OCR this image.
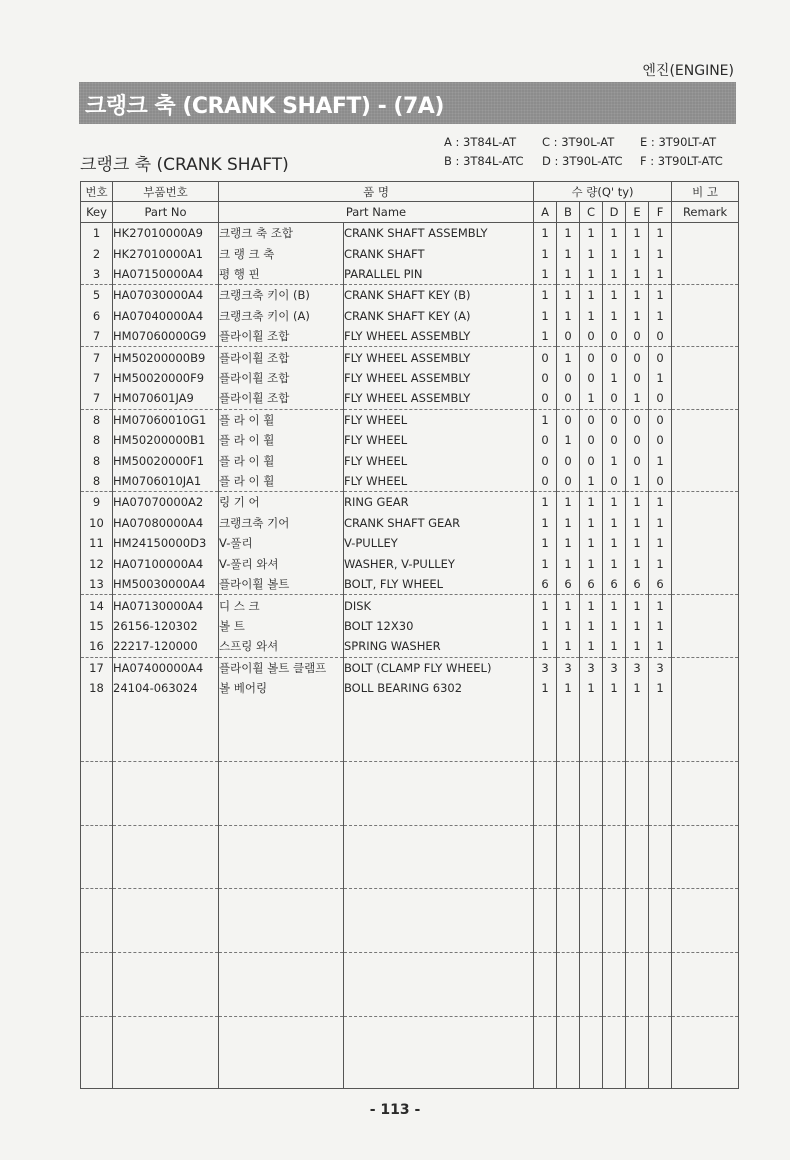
엔진(ENGINE)
크랭크 축 (CRANK SHAFT) - (7A)
크랭크 축 (CRANK SHAFT)
A : 3T84L-AT	C : 3T90L-AT	E : 3T90LT-AT
B : 3T84L-ATC	D : 3T90L-ATC	F : 3T90LT-ATC
번호	부품번호	품 명		수 량(Q' ty)						비 고
Key	Part No	Part Name		A	B	C	D	E	F	Remark
1	HK27010000A9	크랭크 축 조합	CRANK SHAFT ASSEMBLY	1	1	1	1	1	1	
2	HK27010000A1	크 랭 크 축	CRANK SHAFT	1	1	1	1	1	1	
3	HA07150000A4	평 행 핀	PARALLEL PIN	1	1	1	1	1	1	
5	HA07030000A4	크랭크축 키이 (B)	CRANK SHAFT KEY (B)	1	1	1	1	1	1	
6	HA07040000A4	크랭크축 키이 (A)	CRANK SHAFT KEY (A)	1	1	1	1	1	1	
7	HM07060000G9	플라이휠 조합	FLY WHEEL ASSEMBLY	1	0	0	0	0	0	
7	HM50200000B9	플라이휠 조합	FLY WHEEL ASSEMBLY	0	1	0	0	0	0	
7	HM50020000F9	플라이휠 조합	FLY WHEEL ASSEMBLY	0	0	0	1	0	1	
7	HM070601JA9	플라이휠 조합	FLY WHEEL ASSEMBLY	0	0	1	0	1	0	
8	HM07060010G1	플 라 이 휠	FLY WHEEL	1	0	0	0	0	0	
8	HM50200000B1	플 라 이 휠	FLY WHEEL	0	1	0	0	0	0	
8	HM50020000F1	플 라 이 휠	FLY WHEEL	0	0	0	1	0	1	
8	HM0706010JA1	플 라 이 휠	FLY WHEEL	0	0	1	0	1	0	
9	HA07070000A2	링 기 어	RING GEAR	1	1	1	1	1	1	
10	HA07080000A4	크랭크축 기어	CRANK SHAFT GEAR	1	1	1	1	1	1	
11	HM24150000D3	V-풀리	V-PULLEY	1	1	1	1	1	1	
12	HA07100000A4	V-풀리 와셔	WASHER, V-PULLEY	1	1	1	1	1	1	
13	HM50030000A4	플라이휠 볼트	BOLT, FLY WHEEL	6	6	6	6	6	6	
14	HA07130000A4	디 스 크	DISK	1	1	1	1	1	1	
15	26156-120302	볼 트	BOLT 12X30	1	1	1	1	1	1	
16	22217-120000	스프링 와셔	SPRING WASHER	1	1	1	1	1	1	
17	HA07400000A4	플라이휠 볼트 클램프	BOLT (CLAMP FLY WHEEL)	3	3	3	3	3	3	
18	24104-063024	볼 베어링	BOLL BEARING 6302	1	1	1	1	1	1	

- 113 -
